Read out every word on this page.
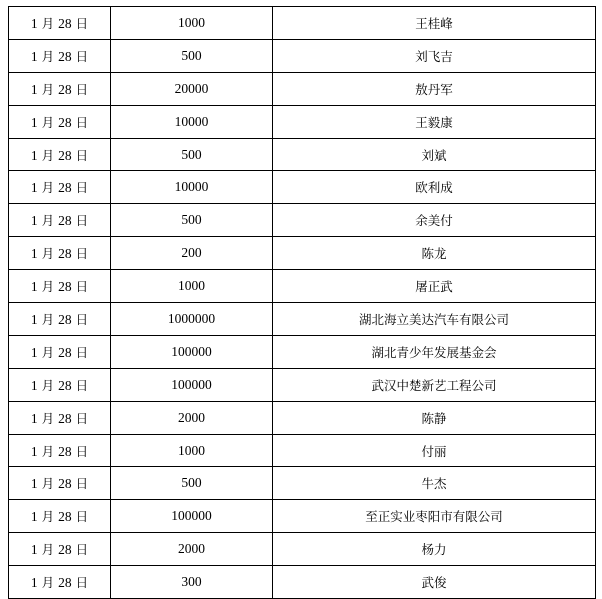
1 月 28 日	1000	王桂峰
1 月 28 日	500	刘飞吉
1 月 28 日	20000	敖丹军
1 月 28 日	10000	王毅康
1 月 28 日	500	刘斌
1 月 28 日	10000	欧利成
1 月 28 日	500	余美付
1 月 28 日	200	陈龙
1 月 28 日	1000	屠正武
1 月 28 日	1000000	湖北海立美达汽车有限公司
1 月 28 日	100000	湖北青少年发展基金会
1 月 28 日	100000	武汉中楚新艺工程公司
1 月 28 日	2000	陈静
1 月 28 日	1000	付丽
1 月 28 日	500	牛杰
1 月 28 日	100000	至正实业枣阳市有限公司
1 月 28 日	2000	杨力
1 月 28 日	300	武俊
